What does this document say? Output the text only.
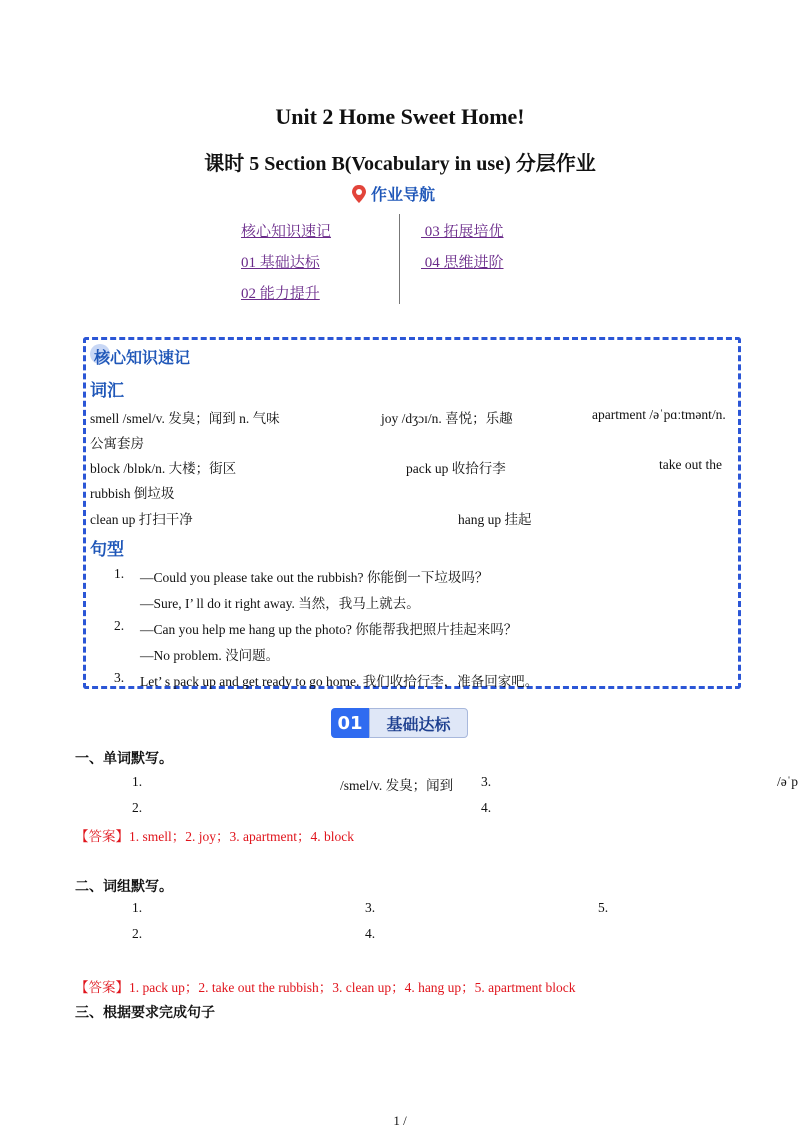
Unit 2 Home Sweet Home!
课时 5 Section B(Vocabulary in use) 分层作业
作业导航
核心知识速记
01 基础达标
02 能力提升
03 拓展培优
04 思维进阶
核心知识速记
词汇
smell /smel/v. 发臭；闻到 n. 气味	joy /dʒɔɪ/n. 喜悦；乐趣	apartment /əˈpɑːtmənt/n.
公寓套房
block /blɒk/n. 大楼；街区	pack up 收拾行李	take out the
rubbish 倒垃圾
clean up 打扫干净	hang up 挂起
句型
1. —Could you please take out the rubbish? 你能倒一下垃圾吗？
—Sure, I’ ll do it right away. 当然，我马上就去。
2. —Can you help me hang up the photo? 你能帮我把照片挂起来吗？
—No problem. 没问题。
3. Let’ s pack up and get ready to go home. 我们收拾行李，准备回家吧。
01	基础达标
一、单词默写。
1.	/smel/v. 发臭；闻到 3.	/əˈp
2.	4.
【答案】1. smell；2. joy；3. apartment；4. block
二、词组默写。
1.	3.	5.
2.	4.
【答案】1. pack up；2. take out the rubbish；3. clean up；4. hang up；5. apartment block
三、根据要求完成句子
$^{1 /}$
